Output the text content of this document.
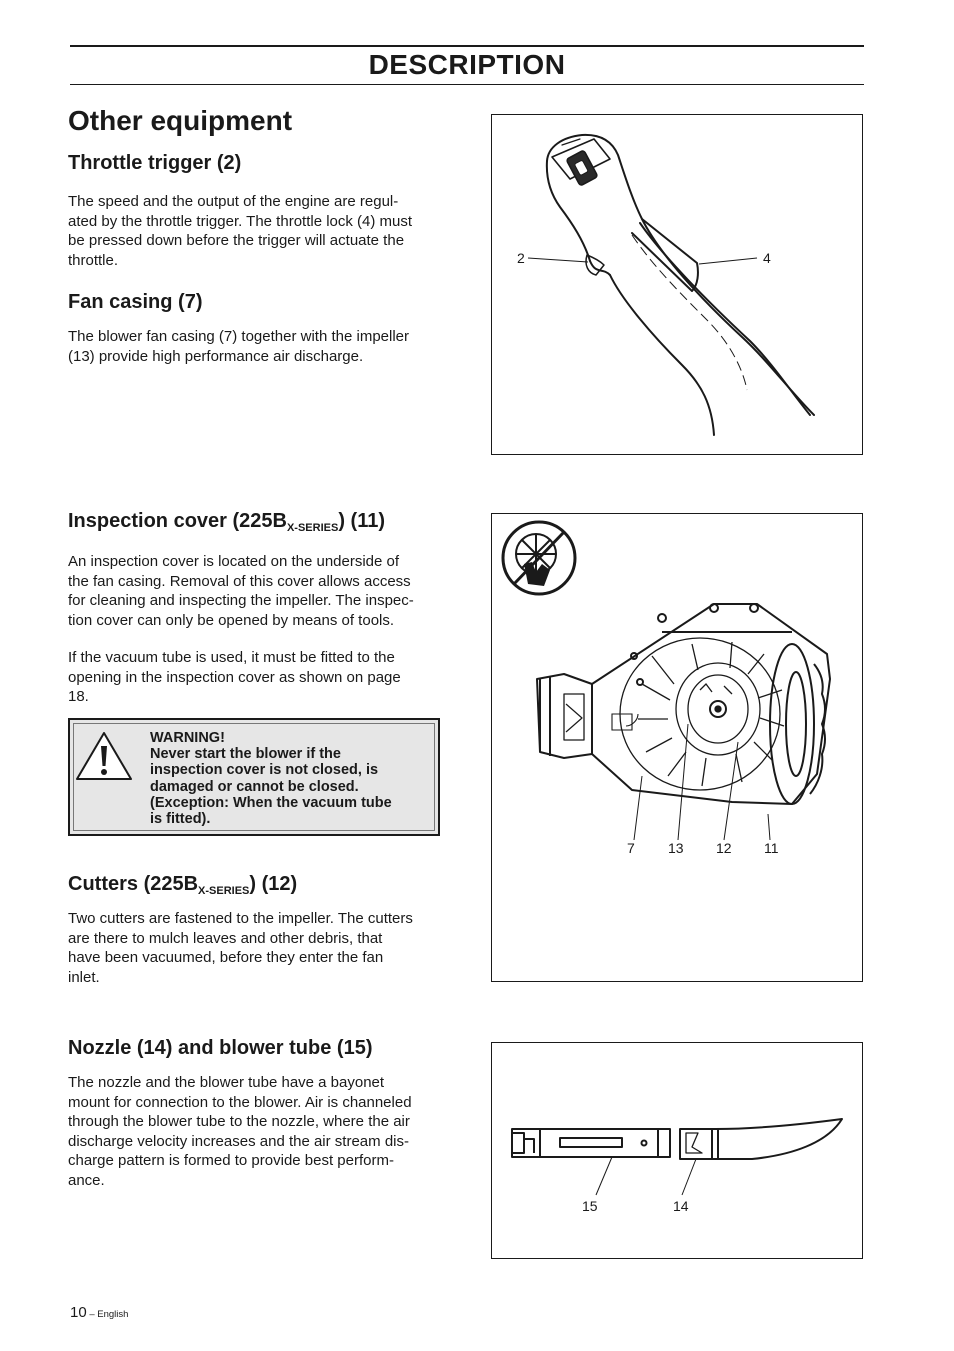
DESCRIPTION
Other equipment
Throttle trigger (2)
The speed and the output of the engine are regul-
ated by the throttle trigger. The throttle lock (4) must
be pressed down before the trigger will actuate the
throttle.
Fan casing (7)
The blower fan casing (7) together with the impeller
(13) provide high performance air discharge.
2	4
Inspection cover $(225B_{X-SERIES})$ (11)
An inspection cover is located on the underside of
the fan casing. Removal of this cover allows access
for cleaning and inspecting the impeller. The inspec-
tion cover can only be opened by means of tools.
If the vacuum tube is used, it must be fitted to the
opening in the inspection cover as shown on page
18.
WARNING!
Never start the blower if the
inspection cover is not closed, is
damaged or cannot be closed.
(Exception: When the vacuum tube
is fitted).
Cutters $(225B_{X-SERIES})$ (12)
Two cutters are fastened to the impeller. The cutters
are there to mulch leaves and other debris, that
have been vacuumed, before they enter the fan
inlet.
7 13 12 11
Nozzle (14) and blower tube (15)
The nozzle and the blower tube have a bayonet
mount for connection to the blower. Air is channeled
through the blower tube to the nozzle, where the air
discharge velocity increases and the air stream dis-
charge pattern is formed to provide best perform-
ance.
15	14
10 – English
